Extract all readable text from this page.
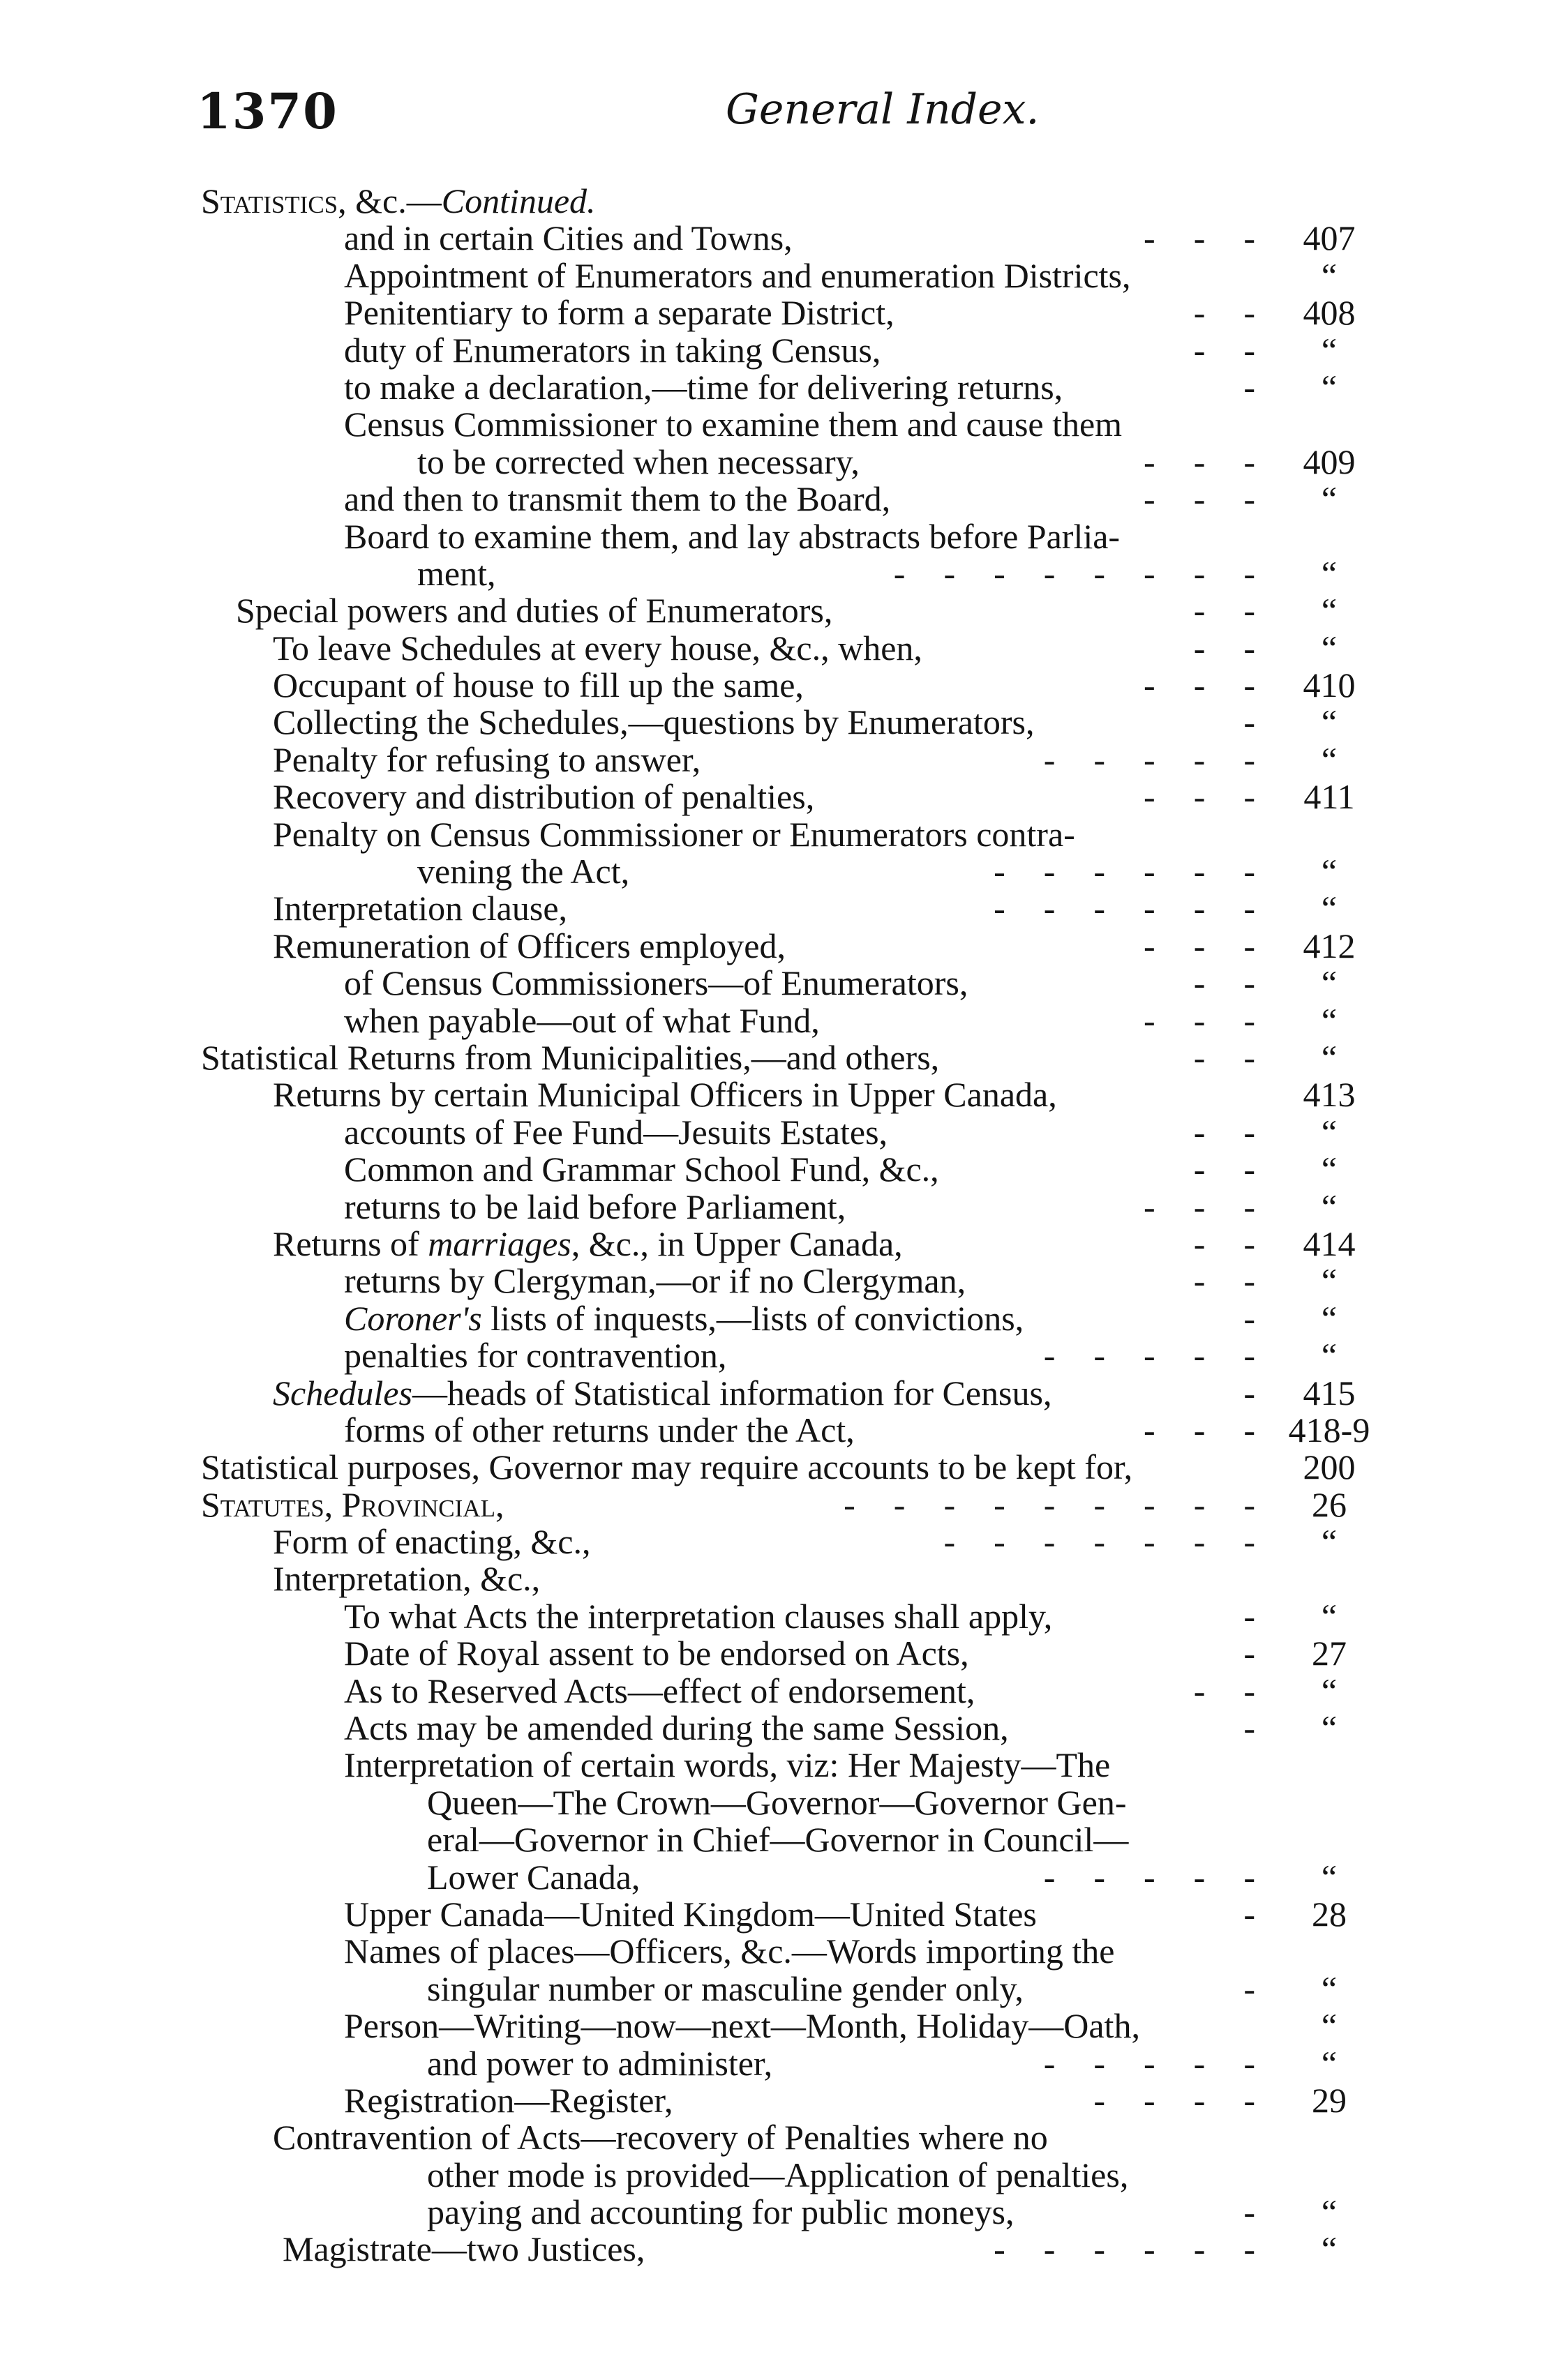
1370	General Index.
Statistics, &c.—Continued.
and in certain Cities and Towns,	-    -    -	407
Appointment of Enumerators and enumeration Districts,	“
Penitentiary to form a separate District,	-    -	408
duty of Enumerators in taking Census,	-    -	“
to make a declaration,—time for delivering returns,	-	“
Census Commissioner to examine them and cause them
to be corrected when necessary,	-    -    -	409
and then to transmit them to the Board,	-    -    -	“
Board to examine them, and lay abstracts before Parlia-
ment,	-    -    -    -    -    -    -    -	“
Special powers and duties of Enumerators,	-    -	“
To leave Schedules at every house, &c., when,	-    -	“
Occupant of house to fill up the same,	-    -    -	410
Collecting the Schedules,—questions by Enumerators,	-	“
Penalty for refusing to answer,	-    -    -    -    -	“
Recovery and distribution of penalties,	-    -    -	411
Penalty on Census Commissioner or Enumerators contra-
vening the Act,	-    -    -    -    -    -	“
Interpretation clause,	-    -    -    -    -    -	“
Remuneration of Officers employed,	-    -    -	412
of Census Commissioners—of Enumerators,	-    -	“
when payable—out of what Fund,	-    -    -	“
Statistical Returns from Municipalities,—and others,	-    -	“
Returns by certain Municipal Officers in Upper Canada,	413
accounts of Fee Fund—Jesuits Estates,	-    -	“
Common and Grammar School Fund, &c.,	-    -	“
returns to be laid before Parliament,	-    -    -	“
Returns of marriages, &c., in Upper Canada,	-    -	414
returns by Clergyman,—or if no Clergyman,	-    -	“
Coroner's lists of inquests,—lists of convictions,	-	“
penalties for contravention,	-    -    -    -    -	“
Schedules—heads of Statistical information for Census,	-	415
forms of other returns under the Act,	-    -    - 418-9
Statistical purposes, Governor may require accounts to be kept for,	200
Statutes, Provincial,	-    -    -    -    -    -    -    -    -	26
Form of enacting, &c.,	-    -    -    -    -    -    -	“
Interpretation, &c.,
To what Acts the interpretation clauses shall apply,	-	“
Date of Royal assent to be endorsed on Acts,	-	27
As to Reserved Acts—effect of endorsement,	-    -	“
Acts may be amended during the same Session,	-	“
Interpretation of certain words, viz: Her Majesty—The
Queen—The Crown—Governor—Governor Gen-
eral—Governor in Chief—Governor in Council—
Lower Canada,	-    -    -    -    -	“
Upper Canada—United Kingdom—United States	-	28
Names of places—Officers, &c.—Words importing the
singular number or masculine gender only,	-	“
Person—Writing—now—next—Month, Holiday—Oath,	“
and power to administer,	-    -    -    -    -	“
Registration—Register,	-    -    -    -	29
Contravention of Acts—recovery of Penalties where no
other mode is provided—Application of penalties,
paying and accounting for public moneys,	-	“
Magistrate—two Justices,	-    -    -    -    -    -	“
